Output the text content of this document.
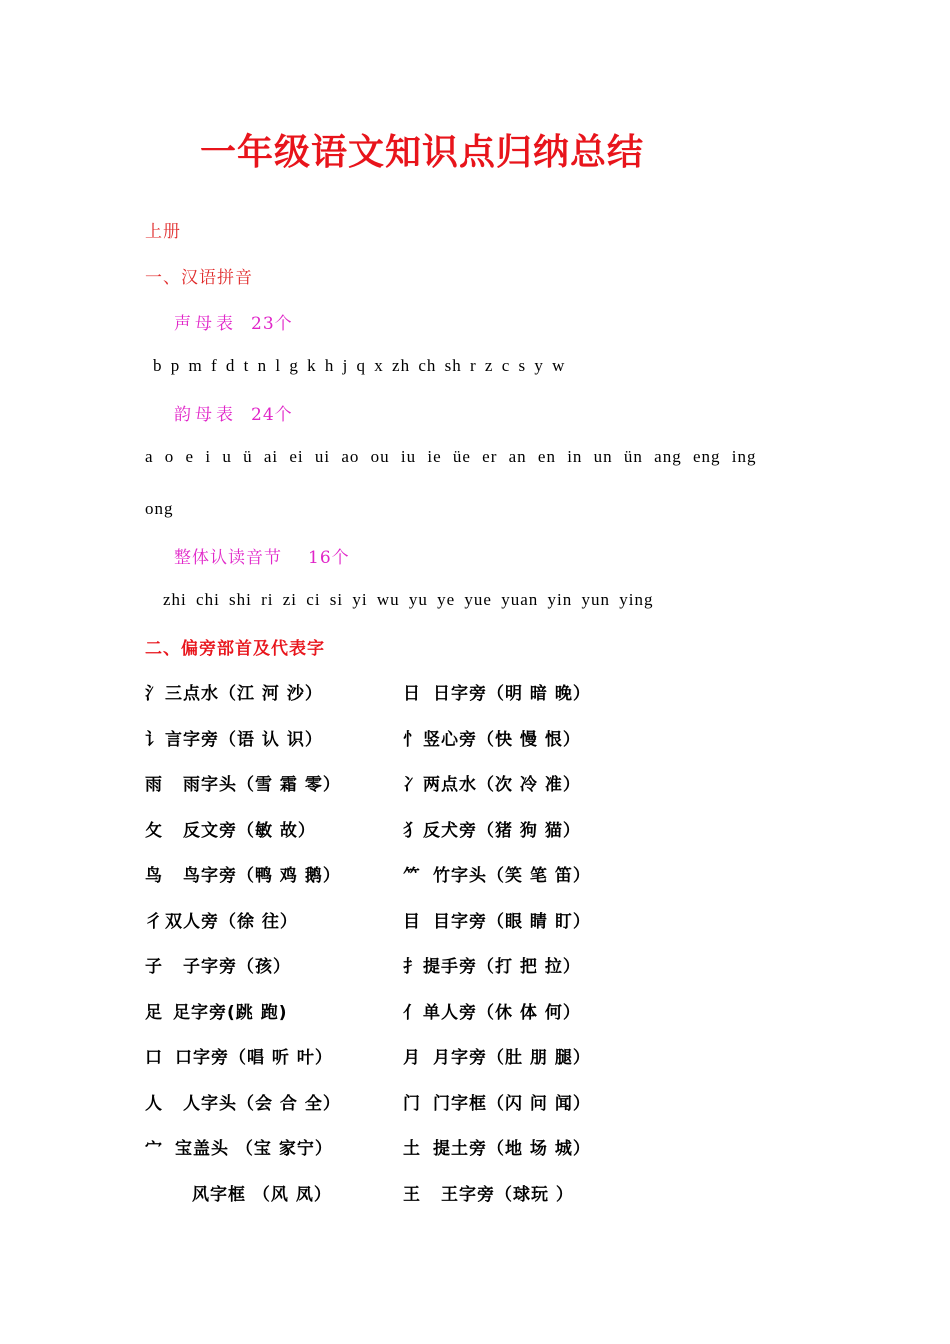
一年级语文知识点归纳总结

上册

一、汉语拼音

声母表 23个

b p m f d t n l g k h j q x zh ch sh r z c s y w

韵母表 24个

a o e i u ü ai ei ui ao ou iu ie üe er an en in un ün ang eng ing

ong

整体认读音节 16个

zhi chi shi ri zi ci si yi wu yu ye yue yuan yin yun ying

二、偏旁部首及代表字

氵 三点水（江 河 沙）
讠 言字旁（语 认 识）
雨 雨字头（雪 霜 零）
攵 反文旁（敏 故）
鸟 鸟字旁（鸭 鸡 鹅）
彳 双人旁（徐 往）
子 子字旁（孩）
足 足字旁(跳 跑)
口 口字旁（唱 听 叶）
人 人字头（会 合 全）
宀 宝盖头 （宝 家宁）
风字框 （风 凤）
日 日字旁（明 暗 晚）
忄 竖心旁（快 慢 恨）
冫 两点水（次 冷 准）
犭 反犬旁（猪 狗 猫）
⺮ 竹字头（笑 笔 笛）
目 目字旁（眼 睛 盯）
扌 提手旁（打 把 拉）
亻 单人旁（休 体 何）
月 月字旁（肚 朋 腿）
门 门字框（闪 问 闻）
土 提土旁（地 场 城）
王 王字旁（球玩 ）
